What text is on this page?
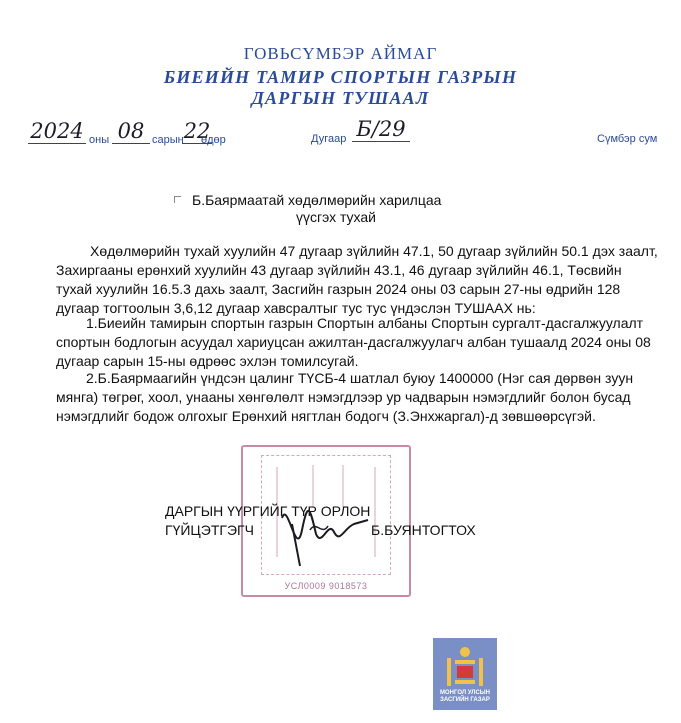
ГОВЬСҮМБЭР АЙМАГ
БИЕИЙН ТАМИР СПОРТЫН ГАЗРЫН
ДАРГЫН ТУШААЛ
2024 оны 08 сарын 22
өдөр	Дугаар Б/29	Сүмбэр сум
Б.Баярмаатай хөдөлмөрийн харилцаа
үүсгэх тухай
Хөдөлмөрийн тухай хуулийн 47 дугаар зүйлийн 47.1, 50 дугаар зүйлийн 50.1 дэх заалт, Захиргааны ерөнхий хуулийн 43 дугаар зүйлийн 43.1, 46 дугаар зүйлийн 46.1, Төсвийн тухай хуулийн 16.5.3 дахь заалт, Засгийн газрын 2024 оны 03 сарын 27-ны өдрийн 128 дугаар тогтоолын 3,6,12 дугаар хавсралтыг тус тус үндэслэн ТУШААХ нь:
1.Биеийн тамирын спортын газрын Спортын албаны Спортын сургалт-дасгалжуулалт спортын бодлогын асуудал хариуцсан ажилтан-дасгалжуулагч албан тушаалд 2024 оны 08 дугаар сарын 15-ны өдрөөс эхлэн томилсугай.
2.Б.Баярмаагийн үндсэн цалинг ТҮСБ-4 шатлал буюу 1400000 (Нэг сая дөрвөн зуун мянга) төгрөг, хоол, унааны хөнгөлөлт нэмэгдлээр ур чадварын нэмэгдлийг болон бусад нэмэгдлийг бодож олгохыг Ерөнхий нягтлан бодогч (З.Энхжаргал)-д зөвшөөрсүгэй.
УСЛ0009 9018573
ДАРГЫН ҮҮРГИЙГ ТҮР ОРЛОН
ГҮЙЦЭТГЭГЧ	Б.БУЯНТОГТОХ
МОНГОЛ УЛСЫН
ЗАСГИЙН ГАЗАР
